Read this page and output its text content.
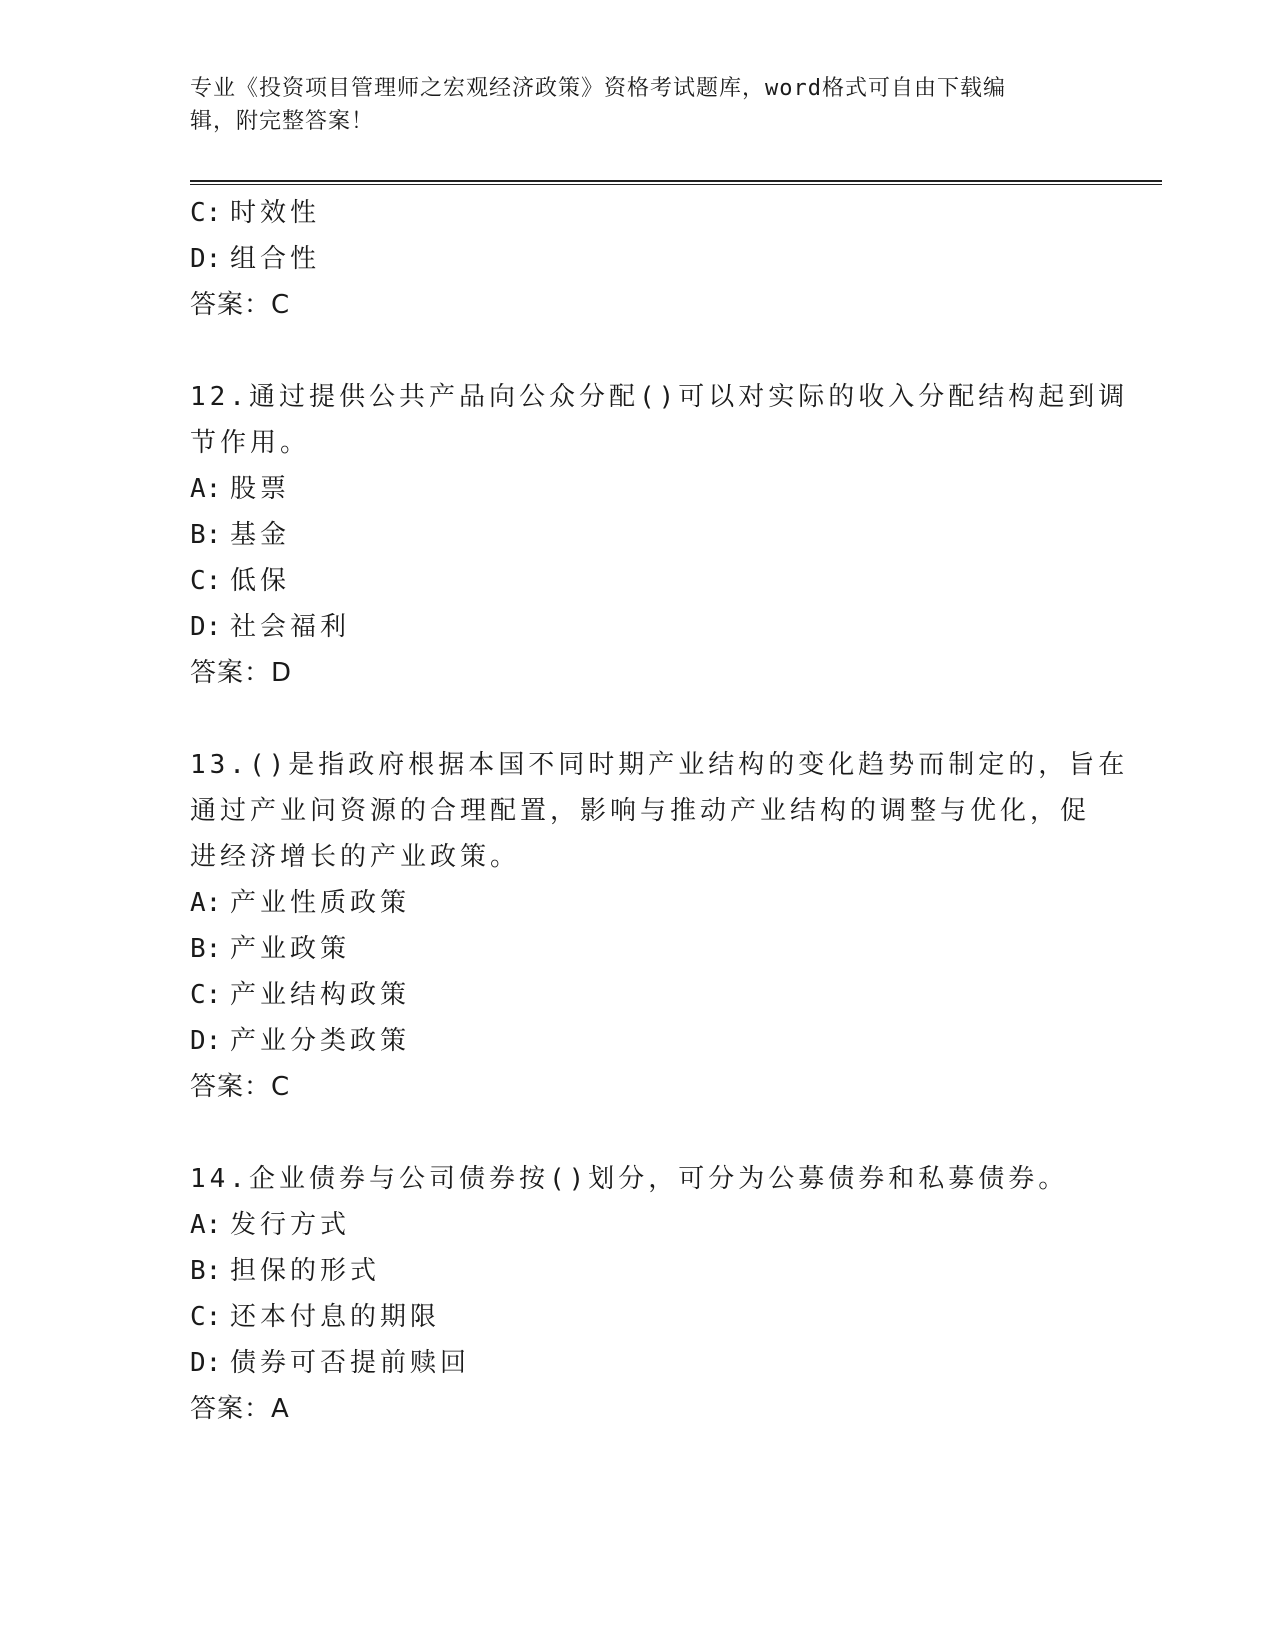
专业《投资项目管理师之宏观经济政策》资格考试题库，word格式可自由下载编
辑，附完整答案！
C: 时效性
D: 组合性
答案：C
12.通过提供公共产品向公众分配()可以对实际的收入分配结构起到调
节作用。
A: 股票
B: 基金
C: 低保
D: 社会福利
答案：D
13.()是指政府根据本国不同时期产业结构的变化趋势而制定的，旨在
通过产业问资源的合理配置，影响与推动产业结构的调整与优化，促
进经济增长的产业政策。
A: 产业性质政策
B: 产业政策
C: 产业结构政策
D: 产业分类政策
答案：C
14.企业债券与公司债券按()划分，可分为公募债券和私募债券。
A: 发行方式
B: 担保的形式
C: 还本付息的期限
D: 债券可否提前赎回
答案：A
